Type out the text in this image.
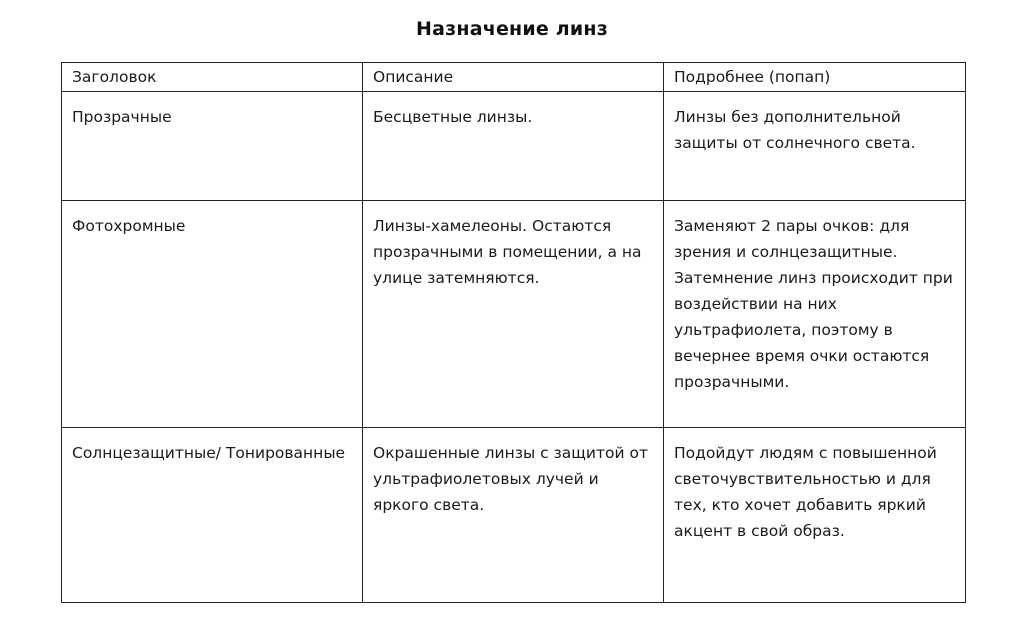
Назначение линз
Заголовок	Описание	Подробнее (попап)

Прозрачные	Бесцветные линзы.	Линзы без дополнительной защиты от солнечного света.

Фотохромные	Линзы-хамелеоны. Остаются прозрачными в помещении, а на улице затемняются.	Заменяют 2 пары очков: для зрения и солнцезащитные. Затемнение линз происходит при воздействии на них ультрафиолета, поэтому в вечернее время очки остаются прозрачными.

Солнцезащитные/ Тонированные	Окрашенные линзы с защитой от ультрафиолетовых лучей и яркого света.	Подойдут людям с повышенной светочувствительностью и для тех, кто хочет добавить яркий акцент в свой образ.
